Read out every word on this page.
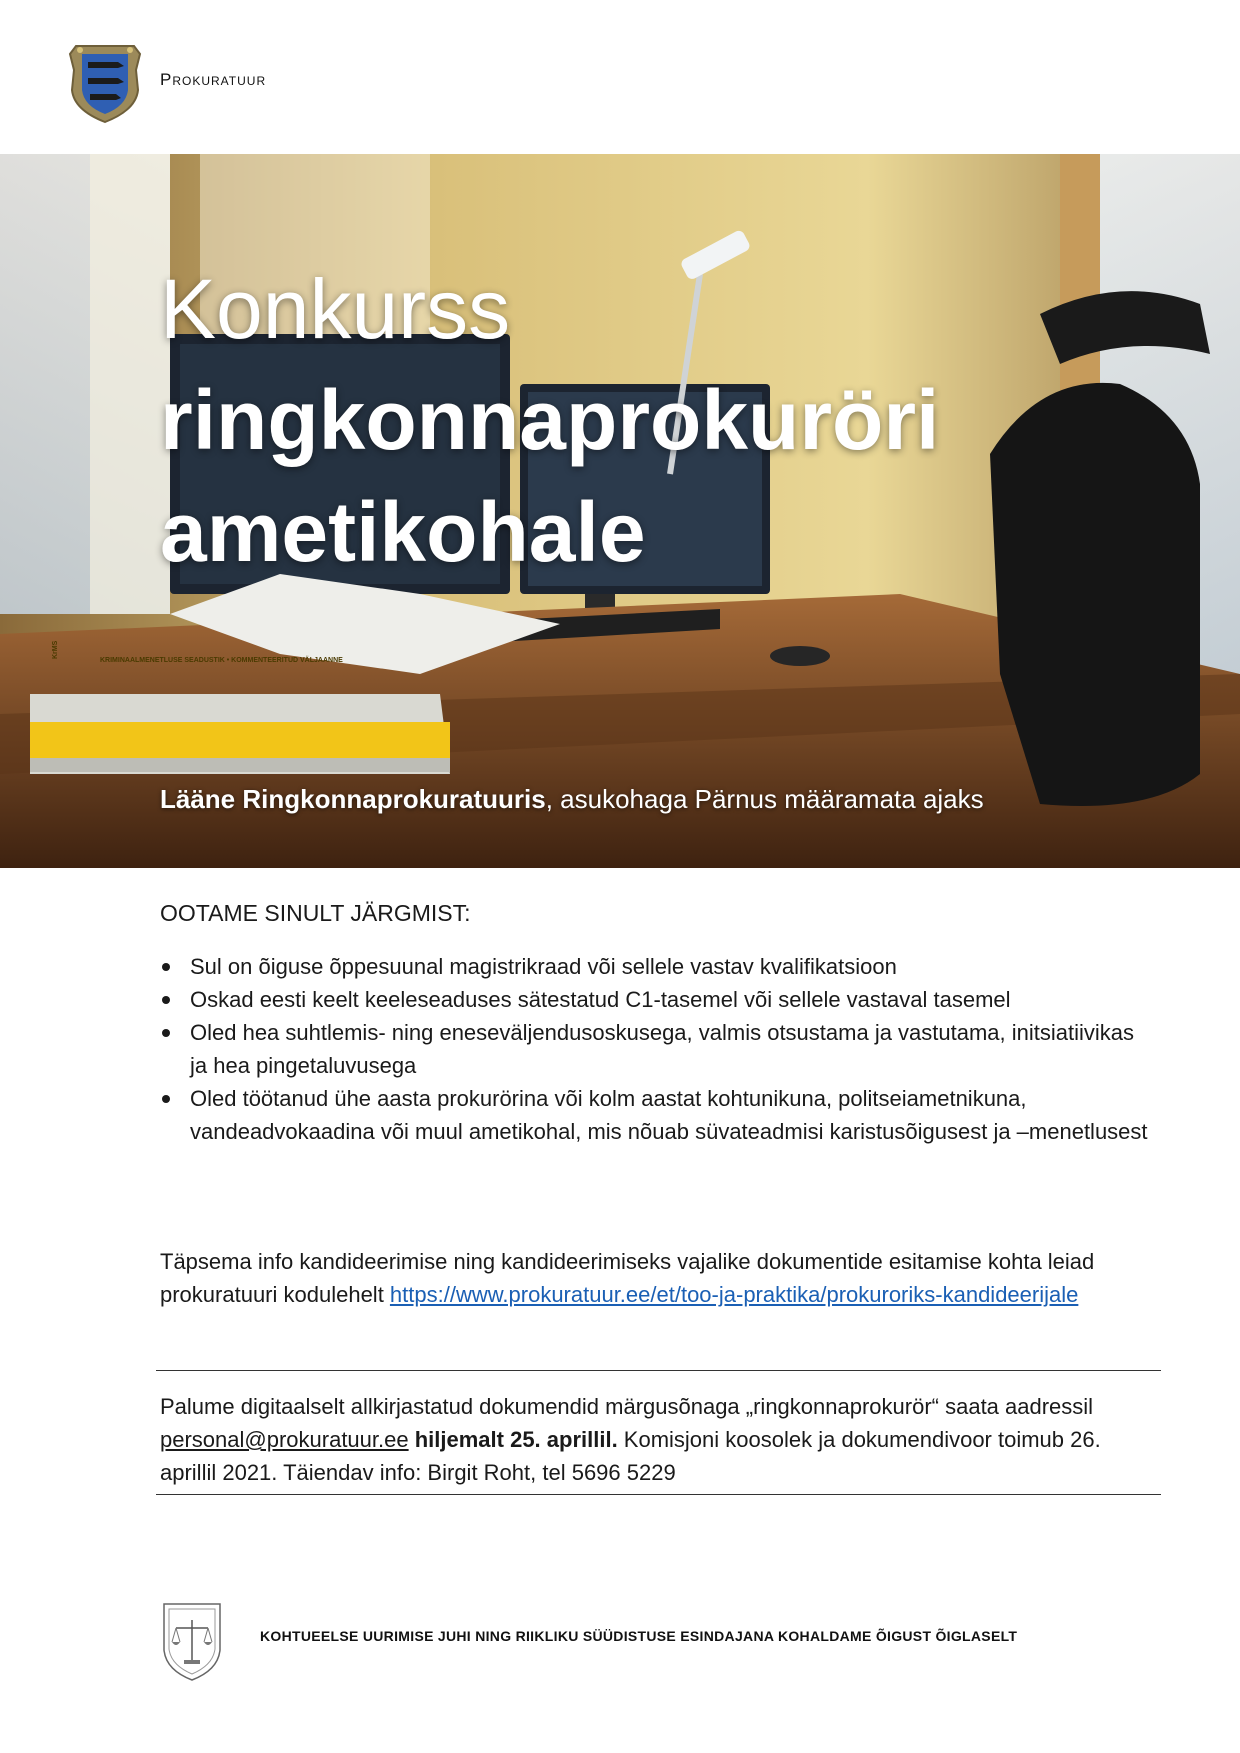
Prokuratuur
KRIMINAALMENETLUSE SEADUSTIK • KOMMENTEERITUD VÄLJAANNE
KrMS
Konkurss
ringkonnaprokuröri
ametikohale
Lääne Ringkonnaprokuratuuris, asukohaga Pärnus määramata ajaks
OOTAME SINULT JÄRGMIST:
Sul on õiguse õppesuunal magistrikraad või sellele vastav kvalifikatsioon
Oskad eesti keelt keeleseaduses sätestatud C1-tasemel või sellele vastaval tasemel
Oled hea suhtlemis- ning eneseväljendusoskusega, valmis otsustama ja vastutama, initsiatiivikas ja hea pingetaluvusega
Oled töötanud ühe aasta prokurörina või kolm aastat kohtunikuna, politseiametnikuna, vandeadvokaadina või muul ametikohal, mis nõuab süvateadmisi karistusõigusest ja –menetlusest
Täpsema info kandideerimise ning kandideerimiseks vajalike dokumentide esitamise kohta leiad prokuratuuri kodulehelt https://www.prokuratuur.ee/et/too-ja-praktika/prokuroriks-kandideerijale
Palume digitaalselt allkirjastatud dokumendid märgusõnaga „ringkonnaprokurör“ saata aadressil personal@prokuratuur.ee hiljemalt 25. aprillil. Komisjoni koosolek ja dokumendivoor toimub 26. aprillil 2021. Täiendav info: Birgit Roht, tel 5696 5229
KOHTUEELSE UURIMISE JUHI NING RIIKLIKU SÜÜDISTUSE ESINDAJANA KOHALDAME ÕIGUST ÕIGLASELT
